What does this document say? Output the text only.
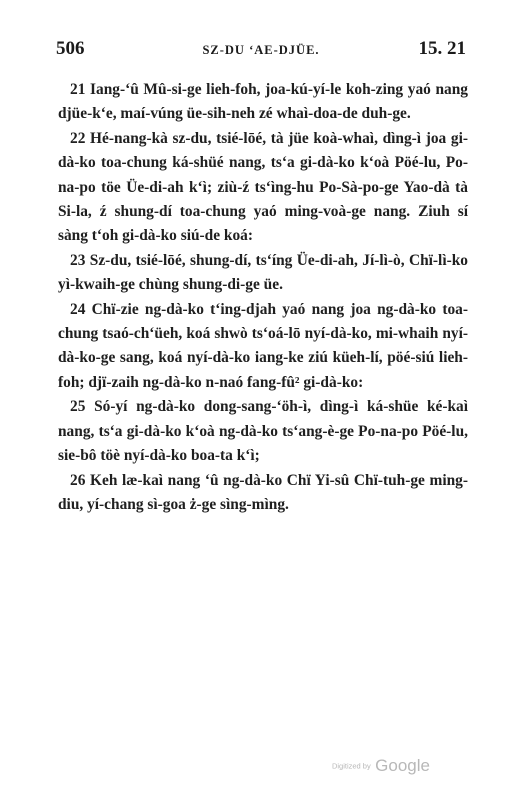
506	SZ-DU ʻAE-DJÜE.	15. 21

21 Iang-ʻû Mû-si-ge lieh-foh, joa-kú-yí-le koh-zing yaó nang djüe-kʻe, maí-vúng üe-sih-neh zé whaì-doa-de duh-ge.

22 Hé-nang-kà sz-du, tsié-lōé, tà jüe koà-whaì, dìng-ì joa gi-dà-ko toa-chung ká-shüé nang, tsʻa gi-dà-ko kʻoà Pöé-lu, Po-na-po töe Üe-di-ah kʻì; ziù-ź tsʻìng-hu Po-Sà-po-ge Yao-dà tà Si-la, ź shung-dí toa-chung yaó ming-voà-ge nang. Ziuh sí sàng tʻoh gi-dà-ko siú-de koá:

23 Sz-du, tsié-lōé, shung-dí, tsʻíng Üe-di-ah, Jí-lì-ò, Chï-lì-ko yì-kwaih-ge chùng shung-di-ge üe.

24 Chï-zie ng-dà-ko tʻing-djah yaó nang joa ng-dà-ko toa-chung tsaó-chʻüeh, koá shwò tsʻoá-lō nyí-dà-ko, mi-whaih nyí-dà-ko-ge sang, koá nyí-dà-ko iang-ke ziú küeh-lí, pöé-siú lieh-foh; djï-zaih ng-dà-ko n-naó fang-fû² gi-dà-ko:

25 Só-yí ng-dà-ko dong-sang-ʻöh-ì, dìng-ì ká-shüe ké-kaì nang, tsʻa gi-dà-ko kʻoà ng-dà-ko tsʻang-è-ge Po-na-po Pöé-lu, sie-bô töè nyí-dà-ko boa-ta kʻì;

26 Keh læ-kaì nang ʻû ng-dà-ko Chï Yi-sû Chï-tuh-ge ming-diu, yí-chang sì-goa ż-ge sìng-mìng.

Digitized by Google
